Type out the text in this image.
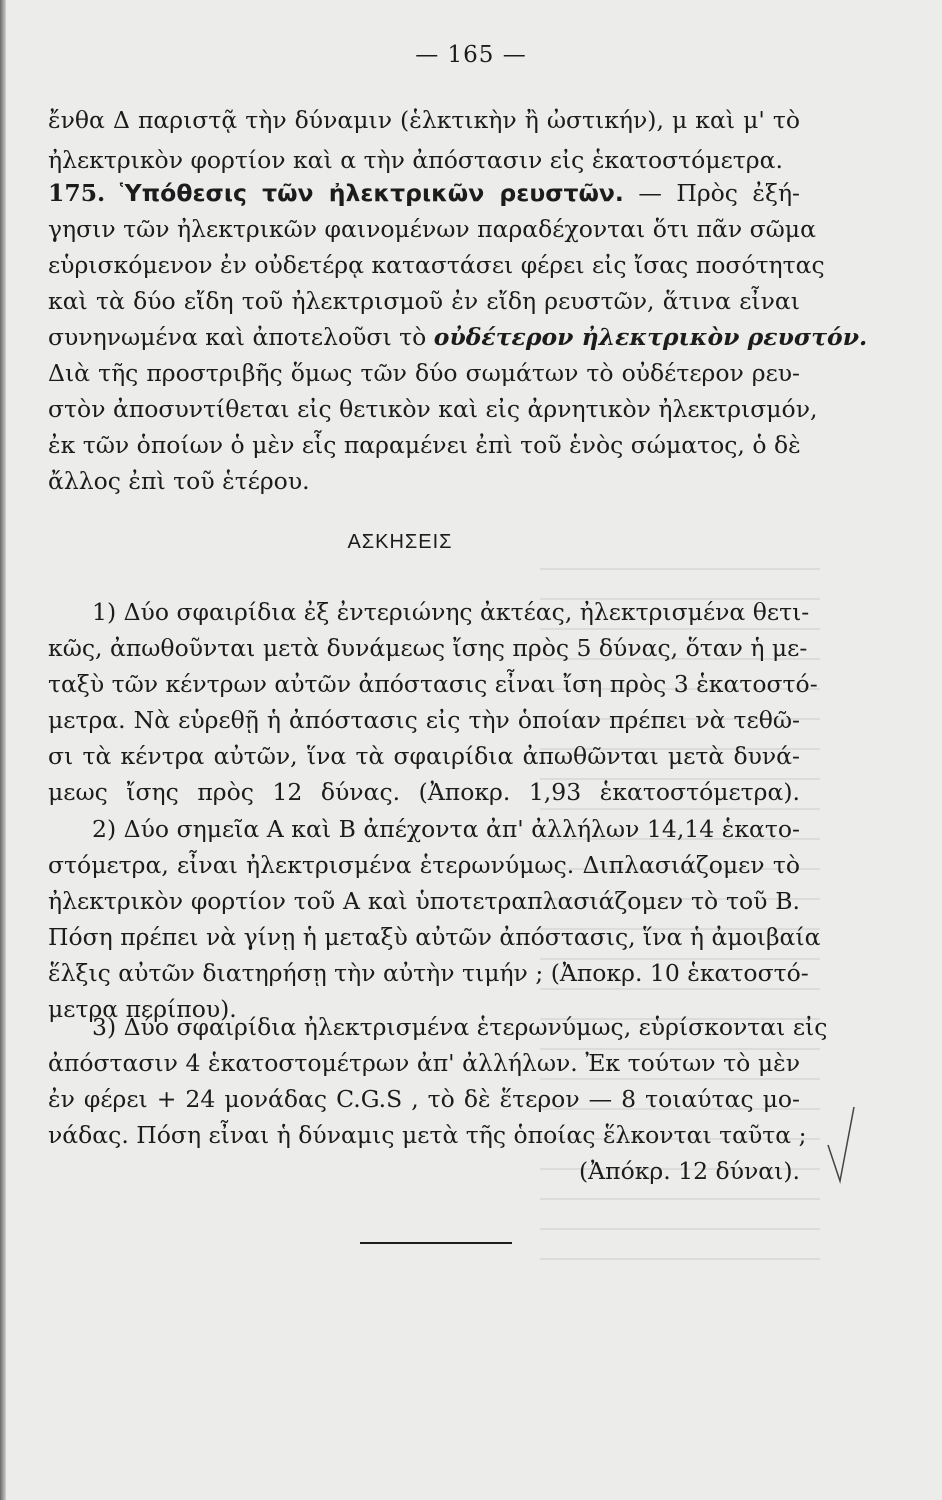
— 165 —
ἔνθα Δ παριστᾷ τὴν δύναμιν (ἑλκτικὴν ἢ ὠστικήν), μ καὶ μ' τὸ
ἠλεκτρικὸν φορτίον καὶ α τὴν ἀπόστασιν εἰς ἑκατοστόμετρα.
175. Ὑπόθεσις τῶν ἠλεκτρικῶν ρευστῶν. — Πρὸς ἐξή-
γησιν τῶν ἠλεκτρικῶν φαινομένων παραδέχονται ὅτι πᾶν σῶμα
εὑρισκόμενον ἐν οὐδετέρᾳ καταστάσει φέρει εἰς ἴσας ποσότητας
καὶ τὰ δύο εἴδη τοῦ ἠλεκτρισμοῦ ἐν εἴδη ρευστῶν, ἅτινα εἶναι
συνηνωμένα καὶ ἀποτελοῦσι τὸ οὐδέτερον ἠλεκτρικὸν ρευστόν.
Διὰ τῆς προστριβῆς ὅμως τῶν δύο σωμάτων τὸ οὐδέτερον ρευ-
στὸν ἀποσυντίθεται εἰς θετικὸν καὶ εἰς ἀρνητικὸν ἠλεκτρισμόν,
ἐκ τῶν ὁποίων ὁ μὲν εἷς παραμένει ἐπὶ τοῦ ἑνὸς σώματος, ὁ δὲ
ἄλλος ἐπὶ τοῦ ἑτέρου.
ΑΣΚΗΣΕΙΣ
1) Δύο σφαιρίδια ἐξ ἐντεριώνης ἀκτέας, ἠλεκτρισμένα θετι-
κῶς, ἀπωθοῦνται μετὰ δυνάμεως ἴσης πρὸς 5 δύνας, ὅταν ἡ με-
ταξὺ τῶν κέντρων αὐτῶν ἀπόστασις εἶναι ἴση πρὸς 3 ἑκατοστό-
μετρα. Νὰ εὑρεθῇ ἡ ἀπόστασις εἰς τὴν ὁποίαν πρέπει νὰ τεθῶ-
σι τὰ κέντρα αὐτῶν, ἵνα τὰ σφαιρίδια ἀπωθῶνται μετὰ δυνά-
μεως ἴσης πρὸς 12 δύνας. (Ἀποκρ. 1,93 ἑκατοστόμετρα).
2) Δύο σημεῖα Α καὶ Β ἀπέχοντα ἀπ' ἀλλήλων 14,14 ἑκατο-
στόμετρα, εἶναι ἠλεκτρισμένα ἑτερωνύμως. Διπλασιάζομεν τὸ
ἠλεκτρικὸν φορτίον τοῦ Α καὶ ὑποτετραπλασιάζομεν τὸ τοῦ Β.
Πόση πρέπει νὰ γίνῃ ἡ μεταξὺ αὐτῶν ἀπόστασις, ἵνα ἡ ἀμοιβαία
ἕλξις αὐτῶν διατηρήσῃ τὴν αὐτὴν τιμήν ; (Ἀποκρ. 10 ἑκατοστό-
μετρα περίπου).
3) Δύο σφαιρίδια ἠλεκτρισμένα ἑτερωνύμως, εὑρίσκονται εἰς
ἀπόστασιν 4 ἑκατοστομέτρων ἀπ' ἀλλήλων. Ἐκ τούτων τὸ μὲν
ἐν φέρει + 24 μονάδας C.G.S , τὸ δὲ ἕτερον — 8 τοιαύτας μο-
νάδας. Πόση εἶναι ἡ δύναμις μετὰ τῆς ὁποίας ἕλκονται ταῦτα ;
(Ἀπόκρ. 12 δύναι).
